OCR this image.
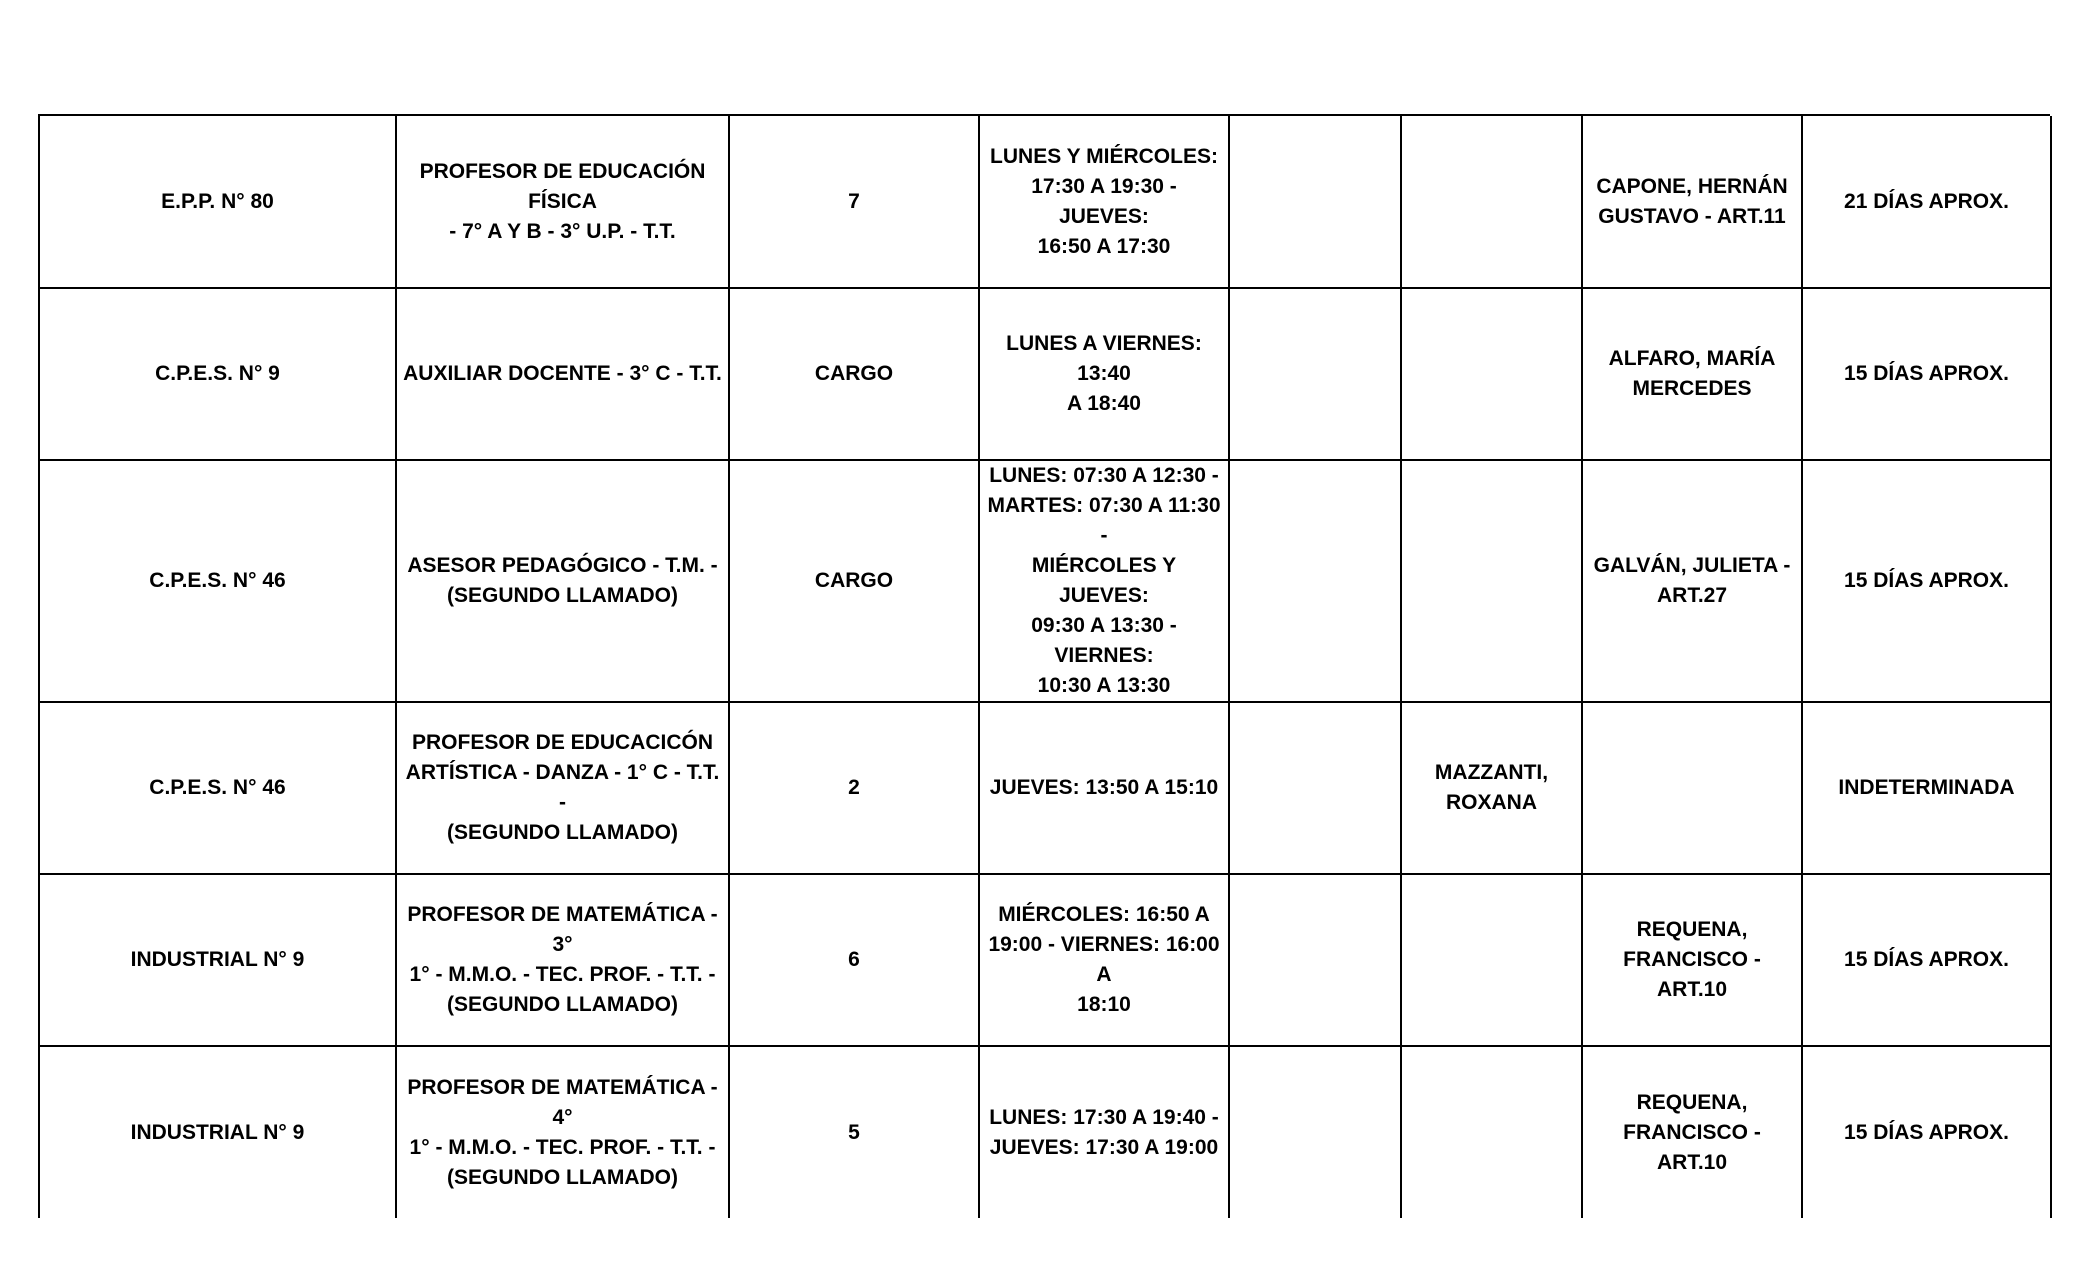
E.P.P. N° 80	PROFESOR DE EDUCACIÓN FÍSICA
- 7° A Y B - 3° U.P. - T.T.	7	LUNES Y MIÉRCOLES:
17:30 A 19:30 - JUEVES:
16:50 A 17:30			CAPONE, HERNÁN
GUSTAVO - ART.11	21 DÍAS APROX.
C.P.E.S. N° 9	AUXILIAR DOCENTE - 3° C - T.T.	CARGO	LUNES A VIERNES: 13:40
A 18:40			ALFARO, MARÍA
MERCEDES	15 DÍAS APROX.
C.P.E.S. N° 46	ASESOR PEDAGÓGICO - T.M. -
(SEGUNDO LLAMADO)	CARGO	LUNES: 07:30 A 12:30 -
MARTES: 07:30 A 11:30 -
MIÉRCOLES Y JUEVES:
09:30 A 13:30 - VIERNES:
10:30 A 13:30			GALVÁN, JULIETA -
ART.27	15 DÍAS APROX.
C.P.E.S. N° 46	PROFESOR DE EDUCACICÓN
ARTÍSTICA - DANZA - 1° C - T.T. -
(SEGUNDO LLAMADO)	2	JUEVES: 13:50 A 15:10		MAZZANTI,
ROXANA		INDETERMINADA
INDUSTRIAL N° 9	PROFESOR DE MATEMÁTICA - 3°
1° - M.M.O. - TEC. PROF. - T.T. -
(SEGUNDO LLAMADO)	6	MIÉRCOLES: 16:50 A
19:00 - VIERNES: 16:00 A
18:10			REQUENA,
FRANCISCO - ART.10	15 DÍAS APROX.
INDUSTRIAL N° 9	PROFESOR DE MATEMÁTICA - 4°
1° - M.M.O. - TEC. PROF. - T.T. -
(SEGUNDO LLAMADO)	5	LUNES: 17:30 A 19:40 -
JUEVES: 17:30 A 19:00			REQUENA,
FRANCISCO - ART.10	15 DÍAS APROX.
